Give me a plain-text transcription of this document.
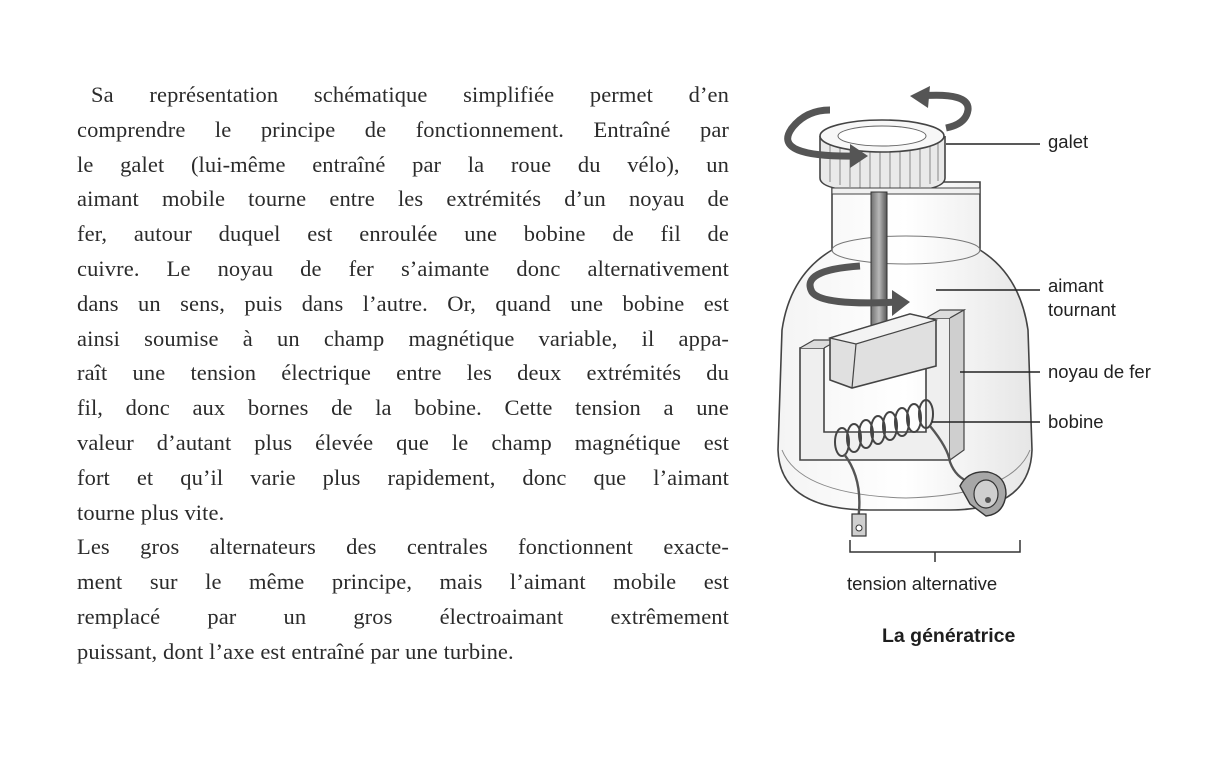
Sa représentation schématique simplifiée permet d’en
comprendre le principe de fonctionnement. Entraîné par
le galet (lui-même entraîné par la roue du vélo), un
aimant mobile tourne entre les extrémités d’un noyau de
fer, autour duquel est enroulée une bobine de fil de
cuivre. Le noyau de fer s’aimante donc alternativement
dans un sens, puis dans l’autre. Or, quand une bobine est
ainsi soumise à un champ magnétique variable, il appa-
raît une tension électrique entre les deux extrémités du
fil, donc aux bornes de la bobine. Cette tension a une
valeur d’autant plus élevée que le champ magnétique est
fort et qu’il varie plus rapidement, donc que l’aimant
tourne plus vite.
Les gros alternateurs des centrales fonctionnent exacte-
ment sur le même principe, mais l’aimant mobile est
remplacé par un gros électroaimant extrêmement
puissant, dont l’axe est entraîné par une turbine.
galet
aimant
tournant
noyau de fer
bobine
tension alternative
La génératrice
